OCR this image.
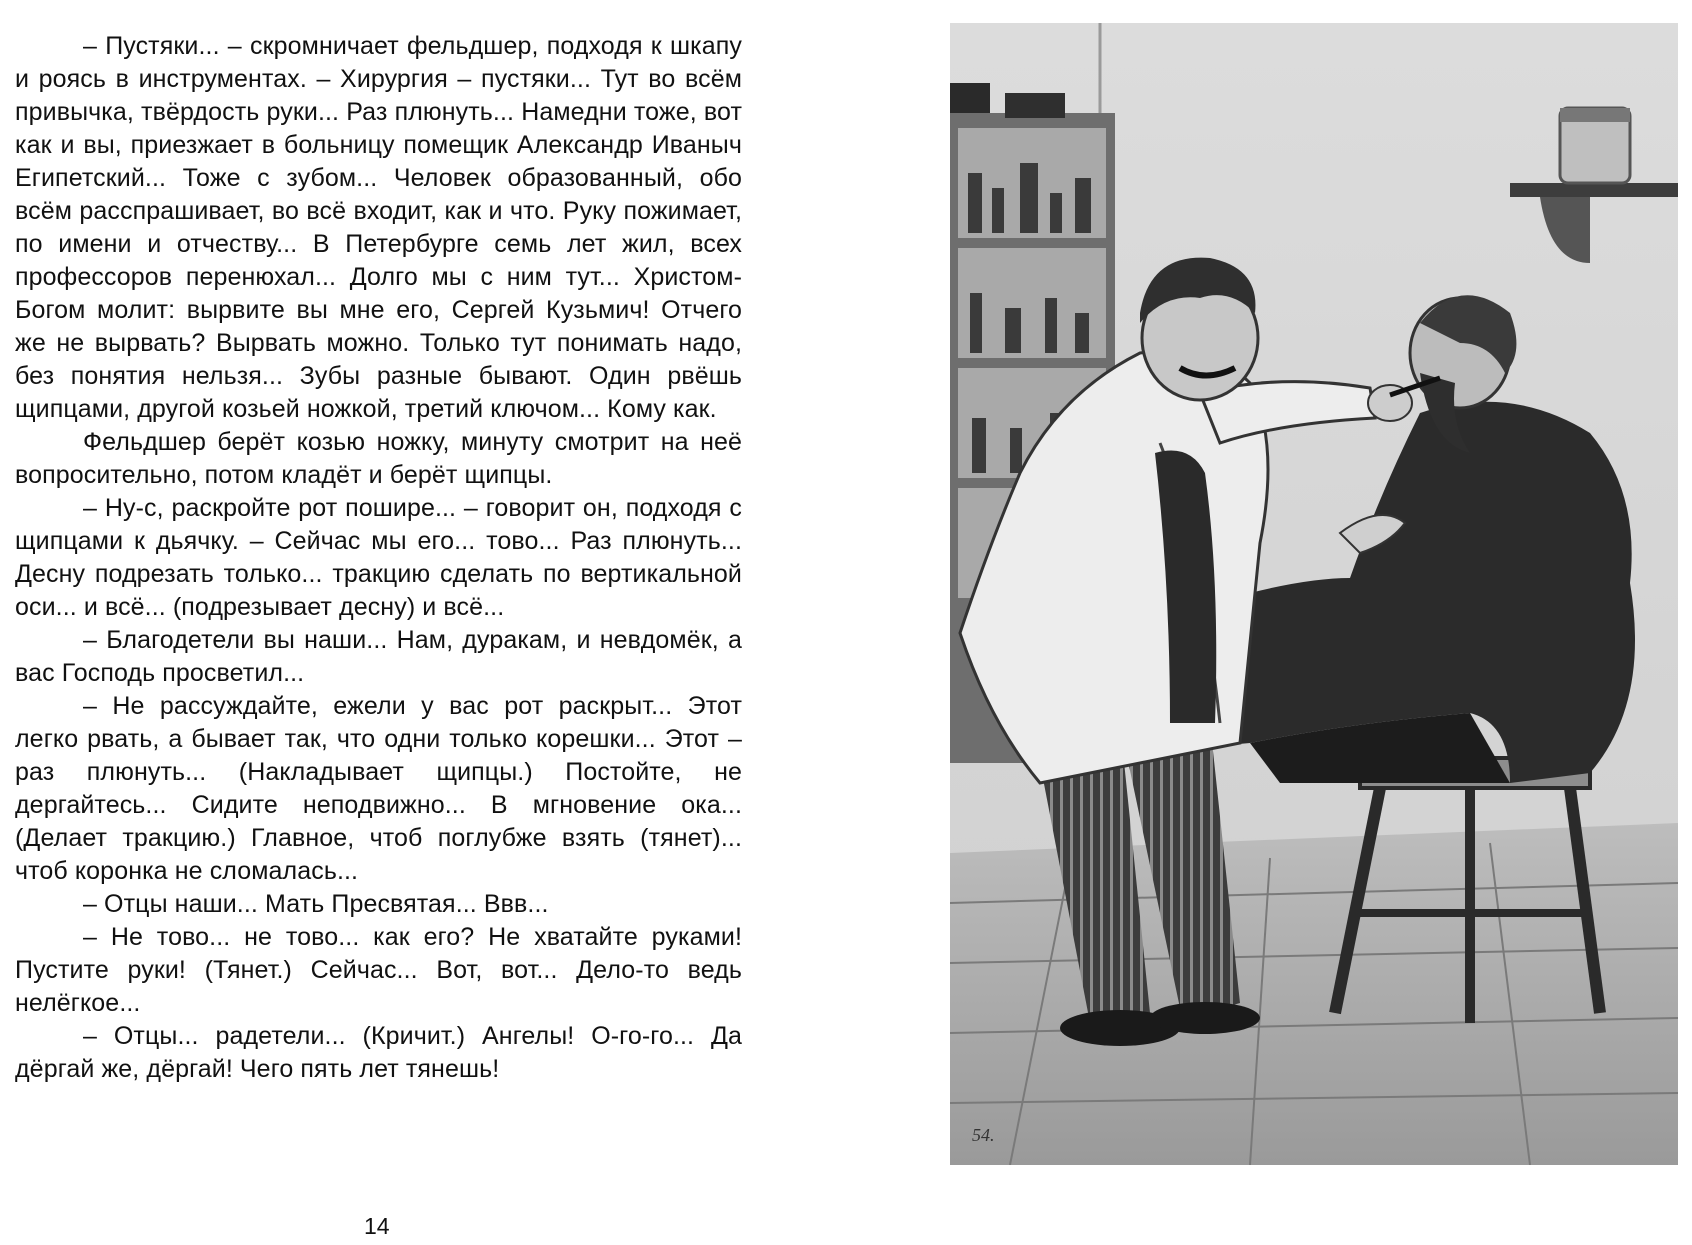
– Пустяки... – скромничает фельдшер, подходя к шкапу и роясь в инструментах. – Хирургия – пустяки... Тут во всём привычка, твёрдость руки... Раз плюнуть... Намедни тоже, вот как и вы, приезжает в больницу помещик Александр Иваныч Египетский... Тоже с зубом... Человек образованный, обо всём расспрашивает, во всё входит, как и что. Руку пожимает, по имени и отчеству... В Петербурге семь лет жил, всех профессоров перенюхал... Долго мы с ним тут... Христом-Богом молит: вырвите вы мне его, Сергей Кузьмич! Отчего же не вырвать? Вырвать можно. Только тут понимать надо, без понятия нельзя... Зубы разные бывают. Один рвёшь щипцами, другой козьей ножкой, третий ключом... Кому как.

Фельдшер берёт козью ножку, минуту смотрит на неё вопросительно, потом кладёт и берёт щипцы.

– Ну-с, раскройте рот пошире... – говорит он, подходя с щипцами к дьячку. – Сейчас мы его... тово... Раз плюнуть... Десну подрезать только... тракцию сделать по вертикальной оси... и всё... (подрезывает десну) и всё...

– Благодетели вы наши... Нам, дуракам, и невдомёк, а вас Господь просветил...

– Не рассуждайте, ежели у вас рот раскрыт... Этот легко рвать, а бывает так, что одни только корешки... Этот – раз плюнуть... (Накладывает щипцы.) Постойте, не дергайтесь... Сидите неподвижно... В мгновение ока... (Делает тракцию.) Главное, чтоб поглубже взять (тянет)... чтоб коронка не сломалась...

– Отцы наши... Мать Пресвятая... Ввв...

– Не тово... не тово... как его? Не хватайте руками! Пустите руки! (Тянет.) Сейчас... Вот, вот... Дело-то ведь нелёгкое...

– Отцы... радетели... (Кричит.) Ангелы! О-го-го... Да дёргай же, дёргай! Чего пять лет тянешь!

14
54.
